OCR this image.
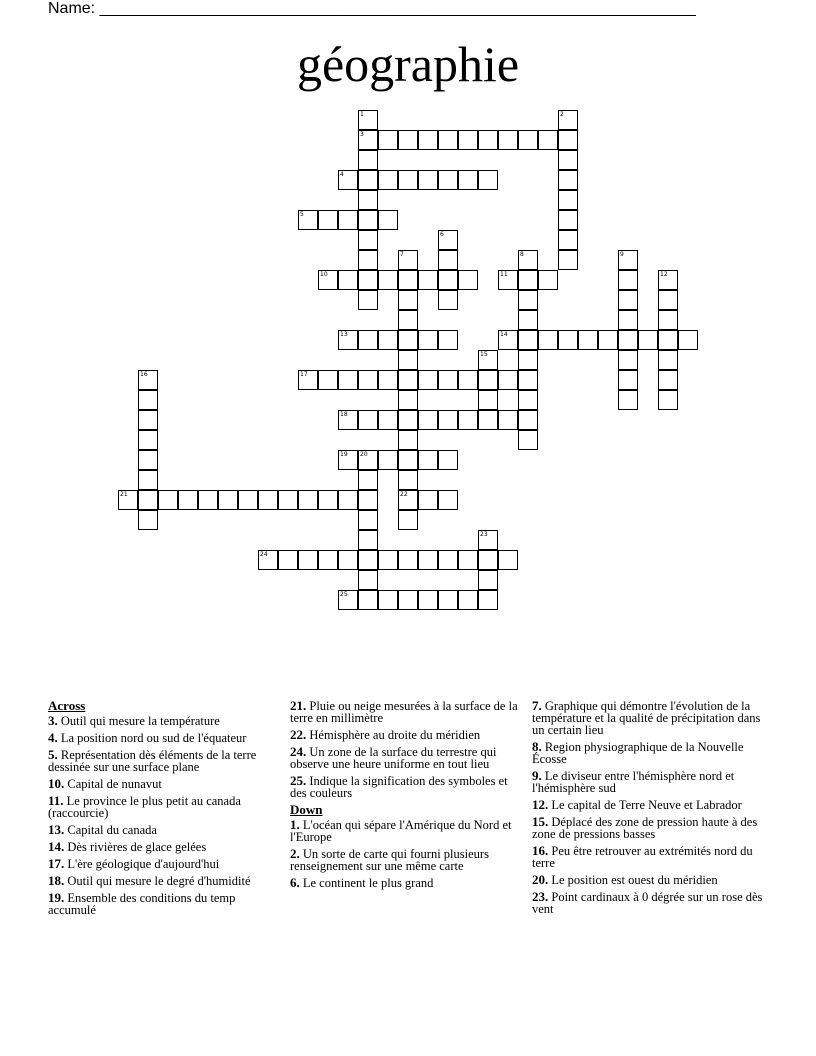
Name: ___________________________________________________________________
géographie
3
4
5
10	11
13	14
17
18
19
21	22
24
25
1	2
6
7	8	9
12
15
16
20
23
Across
3. Outil qui mesure la température
4. La position nord ou sud de l'équateur
5. Représentation dès éléments de la terre dessinée sur une surface plane
10. Capital de nunavut
11. Le province le plus petit au canada (raccourcie)
13. Capital du canada
14. Dès rivières de glace gelées
17. L'ère géologique d'aujourd'hui
18. Outil qui mesure le degré d'humidité
19. Ensemble des conditions du temp accumulé
21. Pluie ou neige mesurées à la surface de la terre en millimètre
22. Hémisphère au droite du méridien
24. Un zone de la surface du terrestre qui observe une heure uniforme en tout lieu
25. Indique la signification des symboles et des couleurs
Down
1. L'océan qui sépare l'Amérique du Nord et l'Europe
2. Un sorte de carte qui fourni plusieurs renseignement sur une même carte
6. Le continent le plus grand
7. Graphique qui démontre l'évolution de la température et la qualité de précipitation dans un certain lieu
8. Region physiographique de la Nouvelle Écosse
9. Le diviseur entre l'hémisphère nord et l'hémisphère sud
12. Le capital de Terre Neuve et Labrador
15. Déplacé des zone de pression haute à des zone de pressions basses
16. Peu être retrouver au extrémités nord du terre
20. Le position est ouest du méridien
23. Point cardinaux à 0 dégrée sur un rose dès vent
